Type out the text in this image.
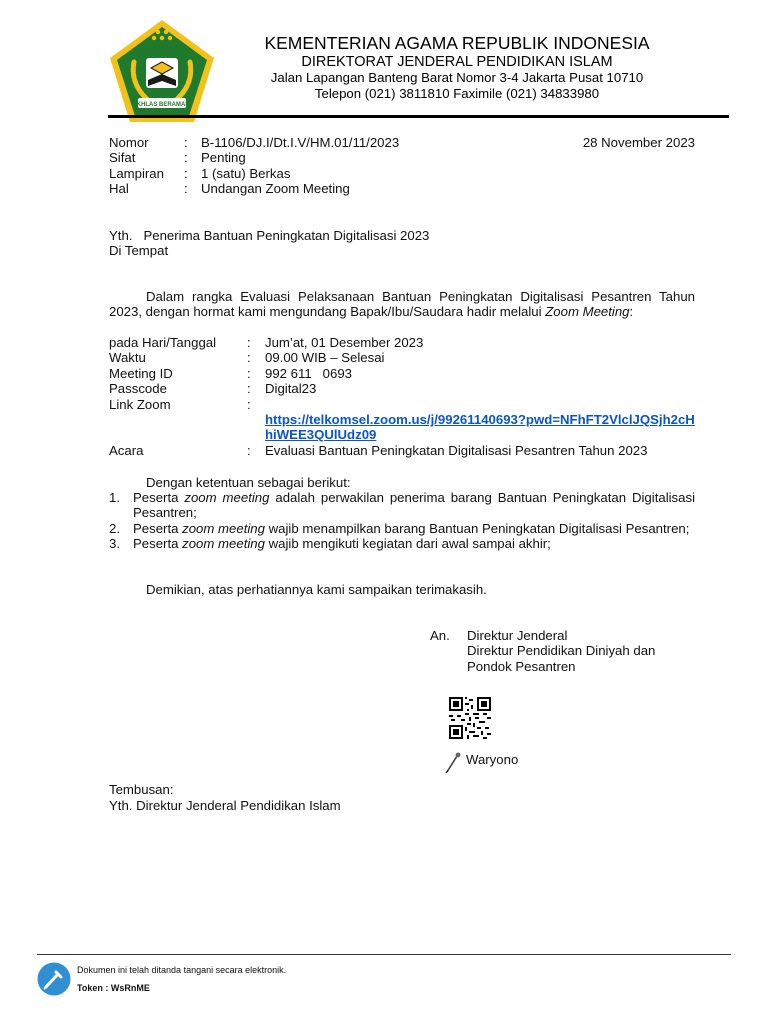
IKHLAS BERAMAL
KEMENTERIAN AGAMA REPUBLIK INDONESIA
DIREKTORAT JENDERAL PENDIDIKAN ISLAM
Jalan Lapangan Banteng Barat Nomor 3-4 Jakarta Pusat 10710
Telepon (021) 3811810 Faximile (021) 34833980
Nomor	:	B-1106/DJ.I/Dt.I.V/HM.01/11/2023
Sifat	:	Penting
Lampiran	:	1 (satu) Berkas
Hal	:	Undangan Zoom Meeting
28 November 2023
Yth. Penerima Bantuan Peningkatan Digitalisasi 2023
Di Tempat
Dalam rangka Evaluasi Pelaksanaan Bantuan Peningkatan Digitalisasi Pesantren Tahun 2023, dengan hormat kami mengundang Bapak/Ibu/Saudara hadir melalui Zoom Meeting:
pada Hari/Tanggal	:	Jum’at, 01 Desember 2023
Waktu	:	09.00 WIB – Selesai
Meeting ID	:	992 611   0693
Passcode	:	Digital23
Link Zoom	:
https://telkomsel.zoom.us/j/99261140693?pwd=NFhFT2VlclJQSjh2cHhiWEE3QUlUdz09
Acara	:	Evaluasi Bantuan Peningkatan Digitalisasi Pesantren Tahun 2023
Dengan ketentuan sebagai berikut:
1. Peserta zoom meeting adalah perwakilan penerima barang Bantuan Peningkatan Digitalisasi Pesantren;
2. Peserta zoom meeting wajib menampilkan barang Bantuan Peningkatan Digitalisasi Pesantren;
3. Peserta zoom meeting wajib mengikuti kegiatan dari awal sampai akhir;
Demikian, atas perhatiannya kami sampaikan terimakasih.
An.	Direktur Jenderal
Direktur Pendidikan Diniyah dan
Pondok Pesantren
Waryono
Tembusan:
Yth. Direktur Jenderal Pendidikan Islam
Dokumen ini telah ditanda tangani secara elektronik.
Token : WsRnME
